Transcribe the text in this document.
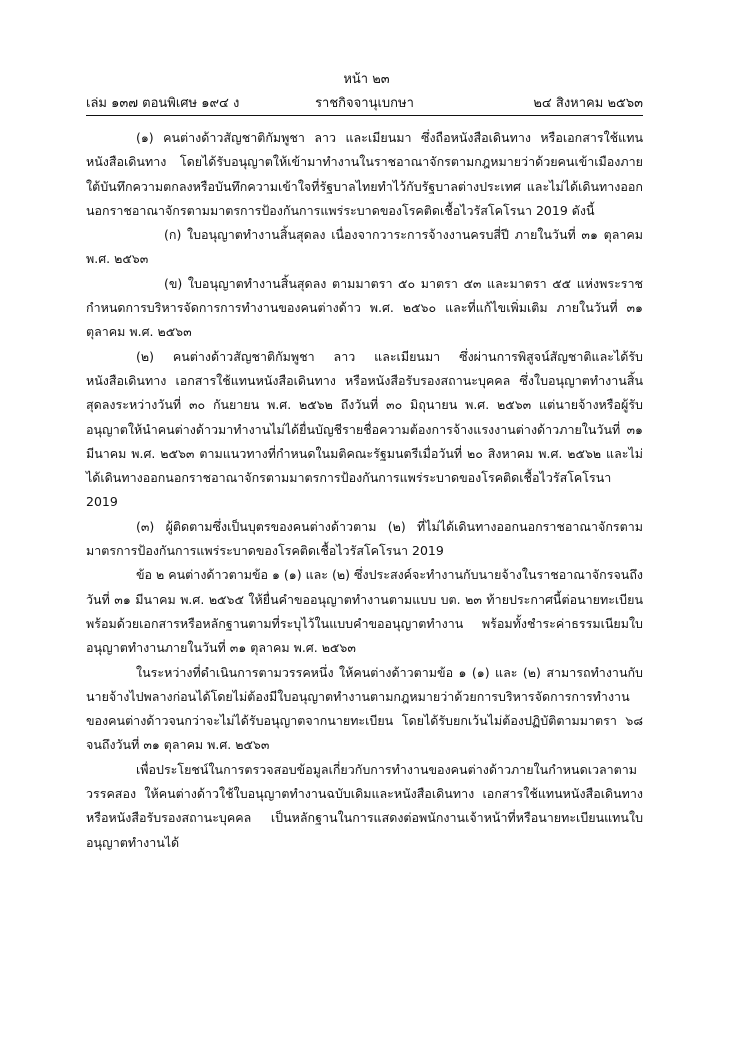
หน้า ๒๓
เล่ม ๑๓๗ ตอนพิเศษ ๑๙๔ ง	ราชกิจจานุเบกษา	๒๔ สิงหาคม ๒๕๖๓

(๑) คนต่างด้าวสัญชาติกัมพูชา ลาว และเมียนมา ซึ่งถือหนังสือเดินทาง หรือเอกสารใช้แทนหนังสือเดินทาง โดยได้รับอนุญาตให้เข้ามาทำงานในราชอาณาจักรตามกฎหมายว่าด้วยคนเข้าเมืองภายใต้บันทึกความตกลงหรือบันทึกความเข้าใจที่รัฐบาลไทยทำไว้กับรัฐบาลต่างประเทศ และไม่ได้เดินทางออกนอกราชอาณาจักรตามมาตรการป้องกันการแพร่ระบาดของโรคติดเชื้อไวรัสโคโรนา 2019 ดังนี้

(ก) ใบอนุญาตทำงานสิ้นสุดลง เนื่องจากวาระการจ้างงานครบสี่ปี ภายในวันที่ ๓๑ ตุลาคม พ.ศ. ๒๕๖๓

(ข) ใบอนุญาตทำงานสิ้นสุดลง ตามมาตรา ๕๐ มาตรา ๕๓ และมาตรา ๕๕ แห่งพระราชกำหนดการบริหารจัดการการทำงานของคนต่างด้าว พ.ศ. ๒๕๖๐ และที่แก้ไขเพิ่มเติม ภายในวันที่ ๓๑ ตุลาคม พ.ศ. ๒๕๖๓

(๒) คนต่างด้าวสัญชาติกัมพูชา ลาว และเมียนมา ซึ่งผ่านการพิสูจน์สัญชาติและได้รับหนังสือเดินทาง เอกสารใช้แทนหนังสือเดินทาง หรือหนังสือรับรองสถานะบุคคล ซึ่งใบอนุญาตทำงานสิ้นสุดลงระหว่างวันที่ ๓๐ กันยายน พ.ศ. ๒๕๖๒ ถึงวันที่ ๓๐ มิถุนายน พ.ศ. ๒๕๖๓ แต่นายจ้างหรือผู้รับอนุญาตให้นำคนต่างด้าวมาทำงานไม่ได้ยื่นบัญชีรายชื่อความต้องการจ้างแรงงานต่างด้าวภายในวันที่ ๓๑ มีนาคม พ.ศ. ๒๕๖๓ ตามแนวทางที่กำหนดในมติคณะรัฐมนตรีเมื่อวันที่ ๒๐ สิงหาคม พ.ศ. ๒๕๖๒ และไม่ได้เดินทางออกนอกราชอาณาจักรตามมาตรการป้องกันการแพร่ระบาดของโรคติดเชื้อไวรัสโคโรนา 2019

(๓) ผู้ติดตามซึ่งเป็นบุตรของคนต่างด้าวตาม (๒) ที่ไม่ได้เดินทางออกนอกราชอาณาจักรตามมาตรการป้องกันการแพร่ระบาดของโรคติดเชื้อไวรัสโคโรนา 2019

ข้อ ๒ คนต่างด้าวตามข้อ ๑ (๑) และ (๒) ซึ่งประสงค์จะทำงานกับนายจ้างในราชอาณาจักรจนถึงวันที่ ๓๑ มีนาคม พ.ศ. ๒๕๖๕ ให้ยื่นคำขออนุญาตทำงานตามแบบ บต. ๒๓ ท้ายประกาศนี้ต่อนายทะเบียนพร้อมด้วยเอกสารหรือหลักฐานตามที่ระบุไว้ในแบบคำขออนุญาตทำงาน พร้อมทั้งชำระค่าธรรมเนียมใบอนุญาตทำงานภายในวันที่ ๓๑ ตุลาคม พ.ศ. ๒๕๖๓

ในระหว่างที่ดำเนินการตามวรรคหนึ่ง ให้คนต่างด้าวตามข้อ ๑ (๑) และ (๒) สามารถทำงานกับนายจ้างไปพลางก่อนได้โดยไม่ต้องมีใบอนุญาตทำงานตามกฎหมายว่าด้วยการบริหารจัดการการทำงานของคนต่างด้าวจนกว่าจะไม่ได้รับอนุญาตจากนายทะเบียน โดยได้รับยกเว้นไม่ต้องปฏิบัติตามมาตรา ๖๘ จนถึงวันที่ ๓๑ ตุลาคม พ.ศ. ๒๕๖๓

เพื่อประโยชน์ในการตรวจสอบข้อมูลเกี่ยวกับการทำงานของคนต่างด้าวภายในกำหนดเวลาตามวรรคสอง ให้คนต่างด้าวใช้ใบอนุญาตทำงานฉบับเดิมและหนังสือเดินทาง เอกสารใช้แทนหนังสือเดินทางหรือหนังสือรับรองสถานะบุคคล เป็นหลักฐานในการแสดงต่อพนักงานเจ้าหน้าที่หรือนายทะเบียนแทนใบอนุญาตทำงานได้
